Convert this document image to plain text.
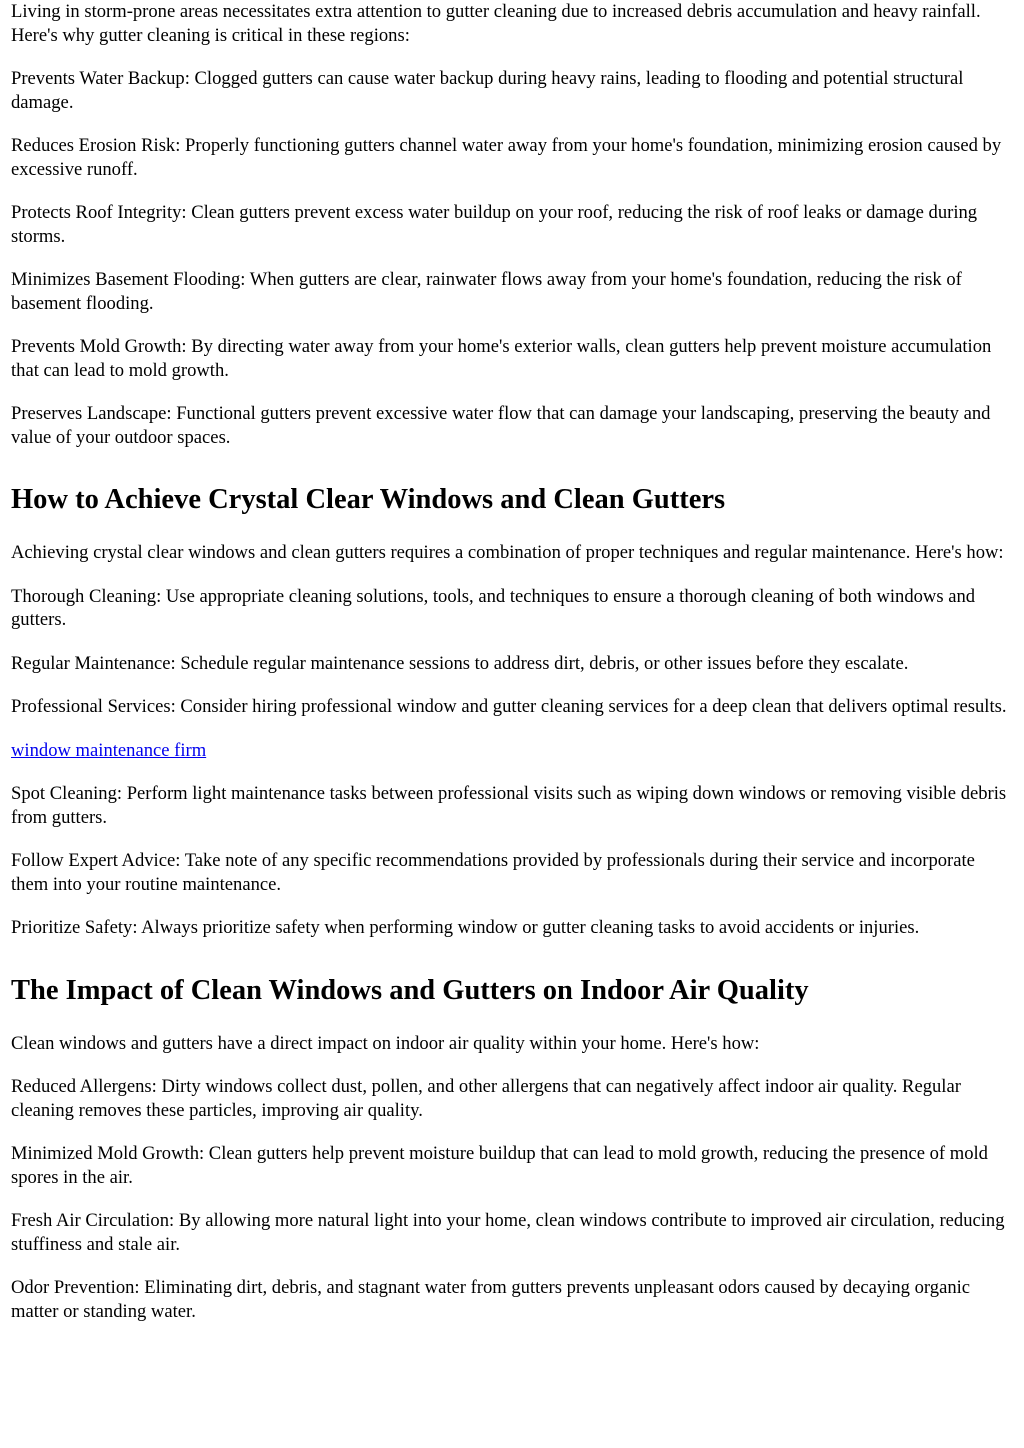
Living in storm-prone areas necessitates extra attention to gutter cleaning due to increased debris accumulation and heavy rainfall. Here's why gutter cleaning is critical in these regions:

Prevents Water Backup: Clogged gutters can cause water backup during heavy rains, leading to flooding and potential structural damage.

Reduces Erosion Risk: Properly functioning gutters channel water away from your home's foundation, minimizing erosion caused by excessive runoff.

Protects Roof Integrity: Clean gutters prevent excess water buildup on your roof, reducing the risk of roof leaks or damage during storms.

Minimizes Basement Flooding: When gutters are clear, rainwater flows away from your home's foundation, reducing the risk of basement flooding.

Prevents Mold Growth: By directing water away from your home's exterior walls, clean gutters help prevent moisture accumulation that can lead to mold growth.

Preserves Landscape: Functional gutters prevent excessive water flow that can damage your landscaping, preserving the beauty and value of your outdoor spaces.

How to Achieve Crystal Clear Windows and Clean Gutters

Achieving crystal clear windows and clean gutters requires a combination of proper techniques and regular maintenance. Here's how:

Thorough Cleaning: Use appropriate cleaning solutions, tools, and techniques to ensure a thorough cleaning of both windows and gutters.

Regular Maintenance: Schedule regular maintenance sessions to address dirt, debris, or other issues before they escalate.

Professional Services: Consider hiring professional window and gutter cleaning services for a deep clean that delivers optimal results.

window maintenance firm

Spot Cleaning: Perform light maintenance tasks between professional visits such as wiping down windows or removing visible debris from gutters.

Follow Expert Advice: Take note of any specific recommendations provided by professionals during their service and incorporate them into your routine maintenance.

Prioritize Safety: Always prioritize safety when performing window or gutter cleaning tasks to avoid accidents or injuries.

The Impact of Clean Windows and Gutters on Indoor Air Quality

Clean windows and gutters have a direct impact on indoor air quality within your home. Here's how:

Reduced Allergens: Dirty windows collect dust, pollen, and other allergens that can negatively affect indoor air quality. Regular cleaning removes these particles, improving air quality.

Minimized Mold Growth: Clean gutters help prevent moisture buildup that can lead to mold growth, reducing the presence of mold spores in the air.

Fresh Air Circulation: By allowing more natural light into your home, clean windows contribute to improved air circulation, reducing stuffiness and stale air.

Odor Prevention: Eliminating dirt, debris, and stagnant water from gutters prevents unpleasant odors caused by decaying organic matter or standing water.
